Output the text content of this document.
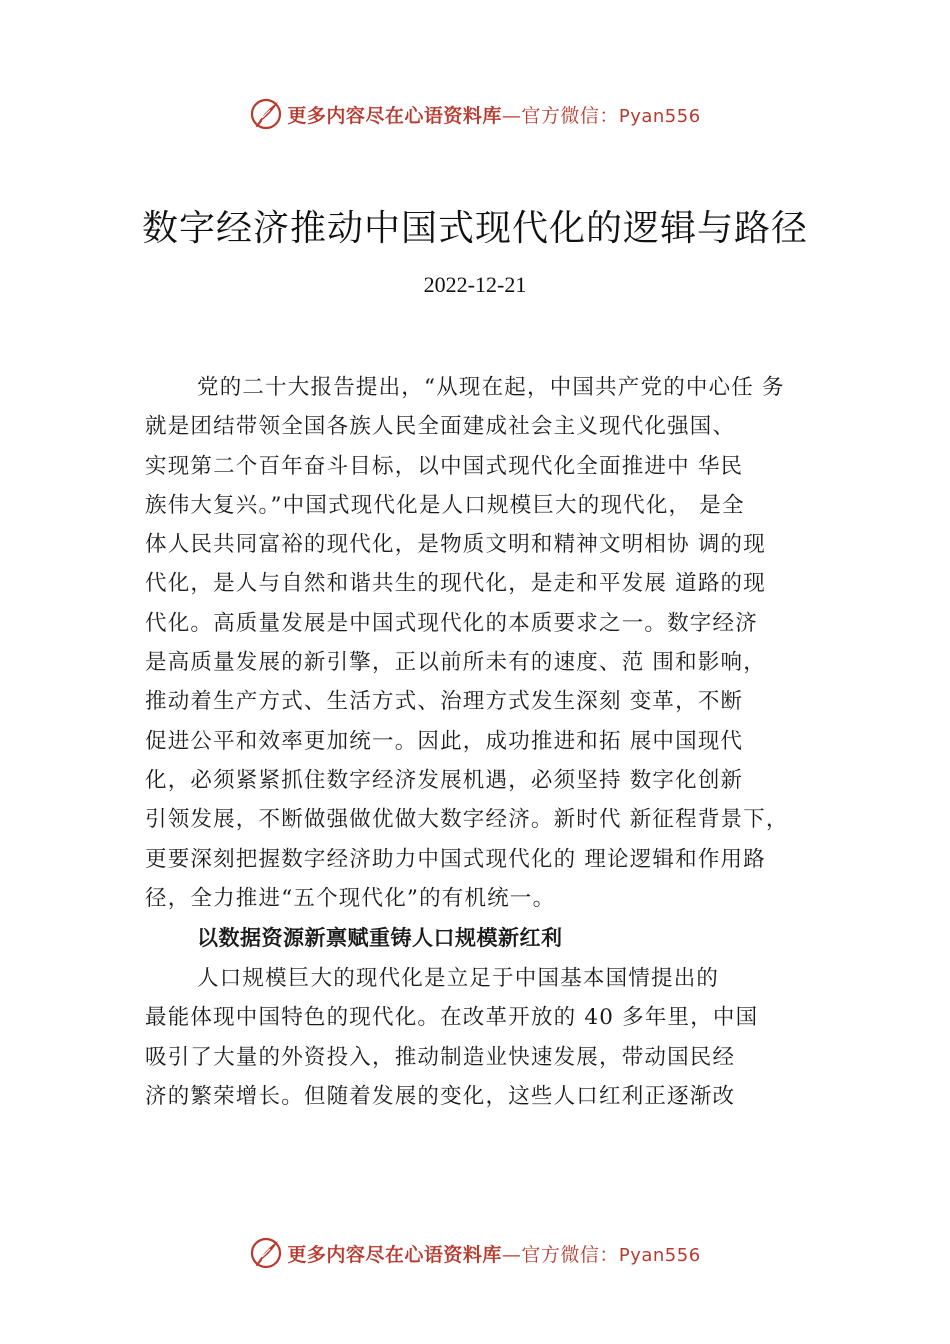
更多内容尽在心语资料库—官方微信：Pyan556
数字经济推动中国式现代化的逻辑与路径
2022-12-21
党的二十大报告提出，“从现在起，中国共产党的中心任 务
就是团结带领全国各族人民全面建成社会主义现代化强国、
实现第二个百年奋斗目标，以中国式现代化全面推进中 华民
族伟大复兴。”中国式现代化是人口规模巨大的现代化， 是全
体人民共同富裕的现代化，是物质文明和精神文明相协 调的现
代化，是人与自然和谐共生的现代化，是走和平发展 道路的现
代化。高质量发展是中国式现代化的本质要求之一。数字经济
是高质量发展的新引擎，正以前所未有的速度、范 围和影响，
推动着生产方式、生活方式、治理方式发生深刻 变革，不断
促进公平和效率更加统一。因此，成功推进和拓 展中国现代
化，必须紧紧抓住数字经济发展机遇，必须坚持 数字化创新
引领发展，不断做强做优做大数字经济。新时代 新征程背景下，
更要深刻把握数字经济助力中国式现代化的 理论逻辑和作用路
径，全力推进“五个现代化”的有机统一。
以数据资源新禀赋重铸人口规模新红利
人口规模巨大的现代化是立足于中国基本国情提出的
最能体现中国特色的现代化。在改革开放的 40 多年里，中国
吸引了大量的外资投入，推动制造业快速发展，带动国民经
济的繁荣增长。但随着发展的变化，这些人口红利正逐渐改
更多内容尽在心语资料库—官方微信：Pyan556
